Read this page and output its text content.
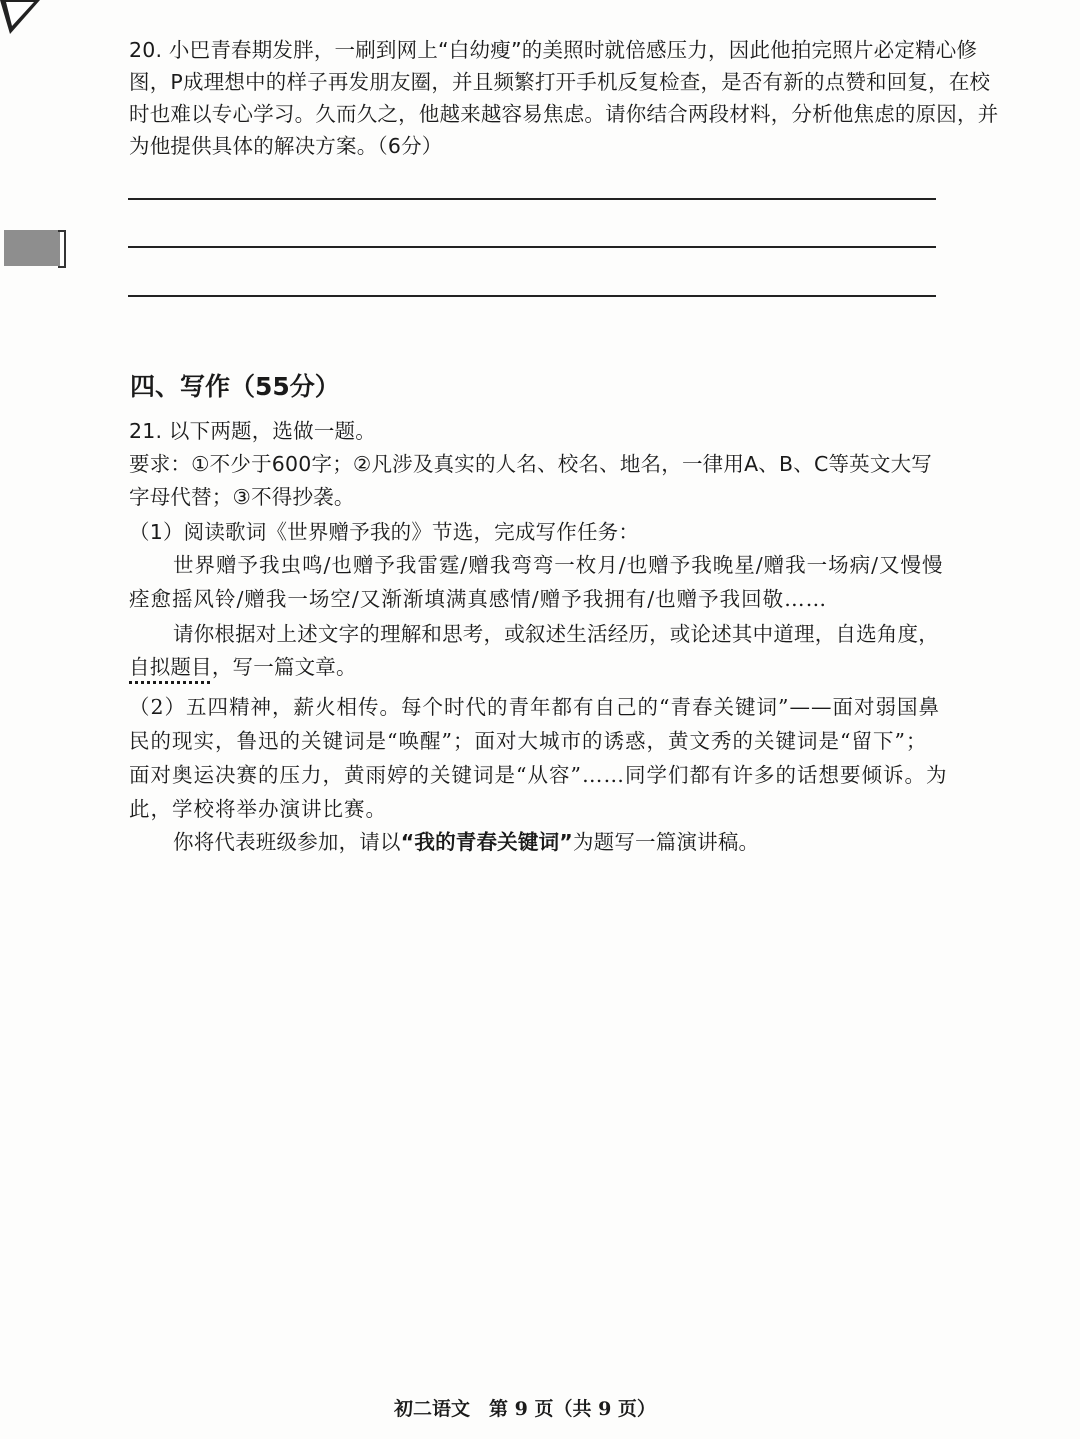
20. 小巴青春期发胖，一刷到网上“白幼瘦”的美照时就倍感压力，因此他拍完照片必定精心修
图，P成理想中的样子再发朋友圈，并且频繁打开手机反复检查，是否有新的点赞和回复，在校
时也难以专心学习。久而久之，他越来越容易焦虑。请你结合两段材料，分析他焦虑的原因，并
为他提供具体的解决方案。（6分）
四、写作（55分）
21. 以下两题，选做一题。
要求：①不少于600字；②凡涉及真实的人名、校名、地名，一律用A、B、C等英文大写
字母代替；③不得抄袭。
（1）阅读歌词《世界赠予我的》节选，完成写作任务：
世界赠予我虫鸣/也赠予我雷霆/赠我弯弯一枚月/也赠予我晚星/赠我一场病/又慢慢
痊愈摇风铃/赠我一场空/又渐渐填满真感情/赠予我拥有/也赠予我回敬……
请你根据对上述文字的理解和思考，或叙述生活经历，或论述其中道理，自选角度，
自拟题目，写一篇文章。
（2）五四精神，薪火相传。每个时代的青年都有自己的“青春关键词”——面对弱国鼻
民的现实，鲁迅的关键词是“唤醒”；面对大城市的诱惑，黄文秀的关键词是“留下”；
面对奥运决赛的压力，黄雨婷的关键词是“从容”……同学们都有许多的话想要倾诉。为
此，学校将举办演讲比赛。
你将代表班级参加，请以“我的青春关键词”为题写一篇演讲稿。
初二语文　第 9 页（共 9 页）
